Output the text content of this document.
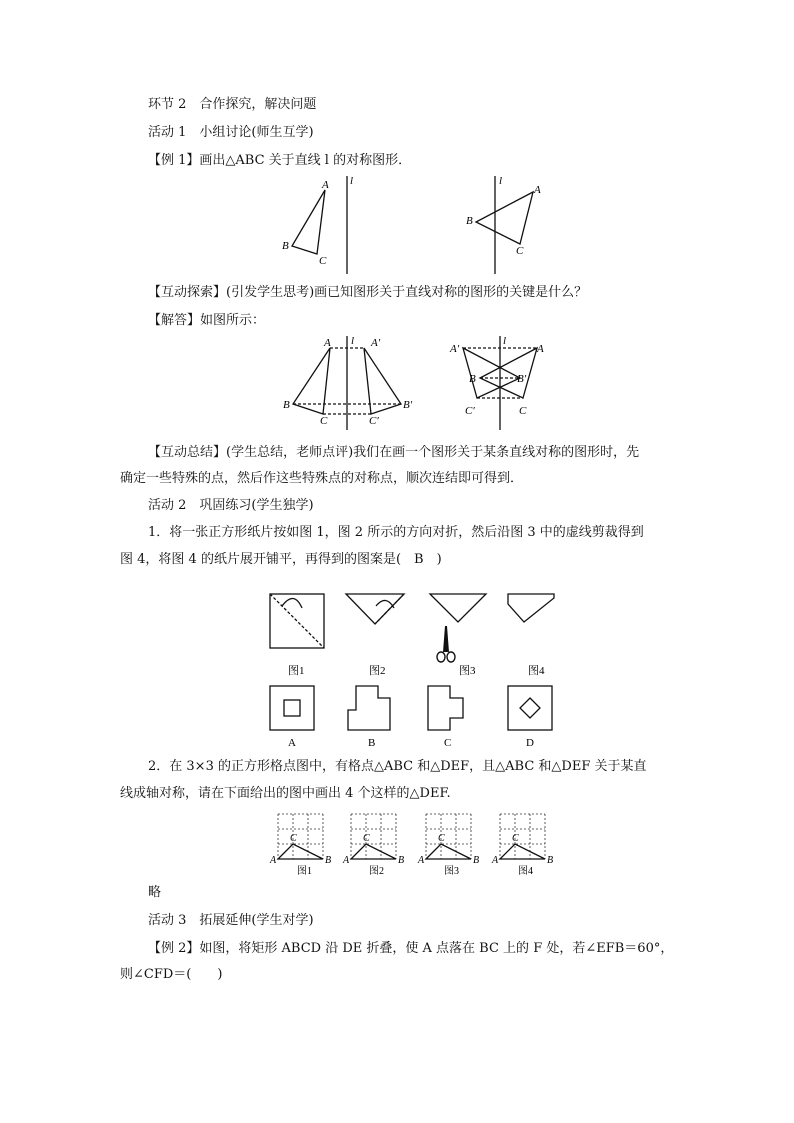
环节 2　合作探究，解决问题
活动 1　小组讨论(师生互学)
【例 1】画出△ABC 关于直线 l 的对称图形．
A
B
C
l
A
B
C
l
【互动探索】(引发学生思考)画已知图形关于直线对称的图形的关键是什么？
【解答】如图所示：
A	A′
l
B	B′
C	C′
A′	A
l
B	B′
C′	C
【互动总结】(学生总结，老师点评)我们在画一个图形关于某条直线对称的图形时，先
确定一些特殊的点，然后作这些特殊点的对称点，顺次连结即可得到．
活动 2　巩固练习(学生独学)
1．将一张正方形纸片按如图 1，图 2 所示的方向对折，然后沿图 3 中的虚线剪裁得到
图 4，将图 4 的纸片展开铺平，再得到的图案是(　B　)
图1	图2	图3	图4
A	B	C	D
2．在 3×3 的正方形格点图中，有格点△ABC 和△DEF，且△ABC 和△DEF 关于某直
线成轴对称，请在下面给出的图中画出 4 个这样的△DEF.
A	B
C
A	B
C
A	B
C
A	B
C
图1	图2	图3	图4
略
活动 3　拓展延伸(学生对学)
【例 2】如图，将矩形 ABCD 沿 DE 折叠，使 A 点落在 BC 上的 F 处，若∠EFB＝60°，
则∠CFD＝(　　)
